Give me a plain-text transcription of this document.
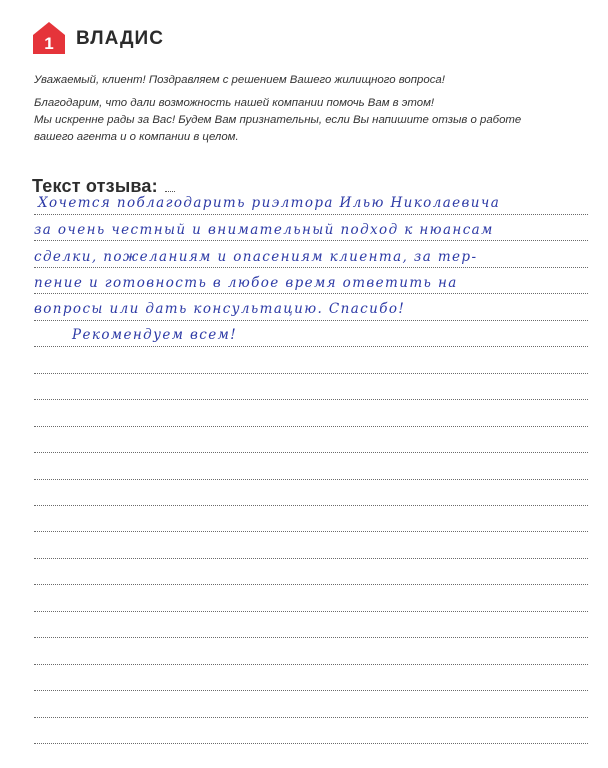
1 ВЛАДИС

Уважаемый, клиент! Поздравляем с решением Вашего жилищного вопроса!

Благодарим, что дали возможность нашей компании помочь Вам в этом!

Мы искренне рады за Вас! Будем Вам признательны, если Вы напишите отзыв о работе

вашего агента и о компании в целом.

Текст отзыва:
Хочется поблагодарить риэлтора Илью Николаевича
за очень честный и внимательный подход к нюансам
сделки, пожеланиям и опасениям клиента, за тер-
пение и готовность в любое время ответить на
вопросы или дать консультацию. Спасибо!
Рекомендуем всем!
